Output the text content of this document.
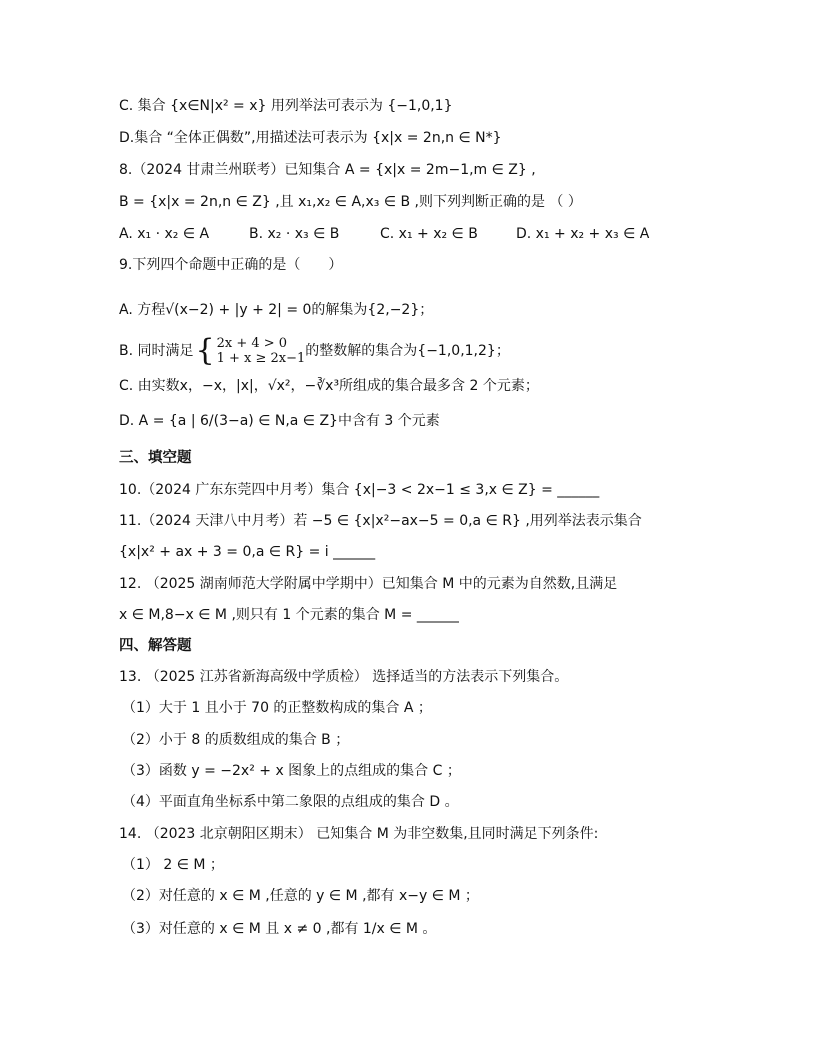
C. 集合 {x∈N|x² = x} 用列举法可表示为 {−1,0,1}
D.集合 “全体正偶数”,用描述法可表示为 {x|x = 2n,n ∈ N*}
8.（2024 甘肃兰州联考）已知集合 A = {x|x = 2m−1,m ∈ Z} ,
B = {x|x = 2n,n ∈ Z} ,且 x₁,x₂ ∈ A,x₃ ∈ B ,则下列判断正确的是 （ ）
A. x₁ · x₂ ∈ A	B. x₂ · x₃ ∈ B	C. x₁ + x₂ ∈ B	D. x₁ + x₂ + x₃ ∈ A
9.下列四个命题中正确的是（　　）
A. 方程√(x−2) + |y + 2| = 0的解集为{2,−2}；
B. 同时满足 { 2x + 4 > 0
1 + x ≥ 2x−1 的整数解的集合为{−1,0,1,2}；
C. 由实数x，−x，|x|，√x²，−∛x³所组成的集合最多含 2 个元素；
D. A = {a | 6/(3−a) ∈ N,a ∈ Z}中含有 3 个元素
三、填空题
10.（2024 广东东莞四中月考）集合 {x|−3 < 2x−1 ≤ 3,x ∈ Z} = ______
11.（2024 天津八中月考）若 −5 ∈ {x|x²−ax−5 = 0,a ∈ R} ,用列举法表示集合
{x|x² + ax + 3 = 0,a ∈ R} = i ______
12. （2025 湖南师范大学附属中学期中）已知集合 M 中的元素为自然数,且满足
x ∈ M,8−x ∈ M ,则只有 1 个元素的集合 M = ______
四、解答题
13. （2025 江苏省新海高级中学质检） 选择适当的方法表示下列集合。
（1）大于 1 且小于 70 的正整数构成的集合 A ；
（2）小于 8 的质数组成的集合 B ；
（3）函数 y = −2x² + x 图象上的点组成的集合 C ；
（4）平面直角坐标系中第二象限的点组成的集合 D 。
14. （2023 北京朝阳区期末） 已知集合 M 为非空数集,且同时满足下列条件:
（1） 2 ∈ M ；
（2）对任意的 x ∈ M ,任意的 y ∈ M ,都有 x−y ∈ M ；
（3）对任意的 x ∈ M 且 x ≠ 0 ,都有 1/x ∈ M 。
